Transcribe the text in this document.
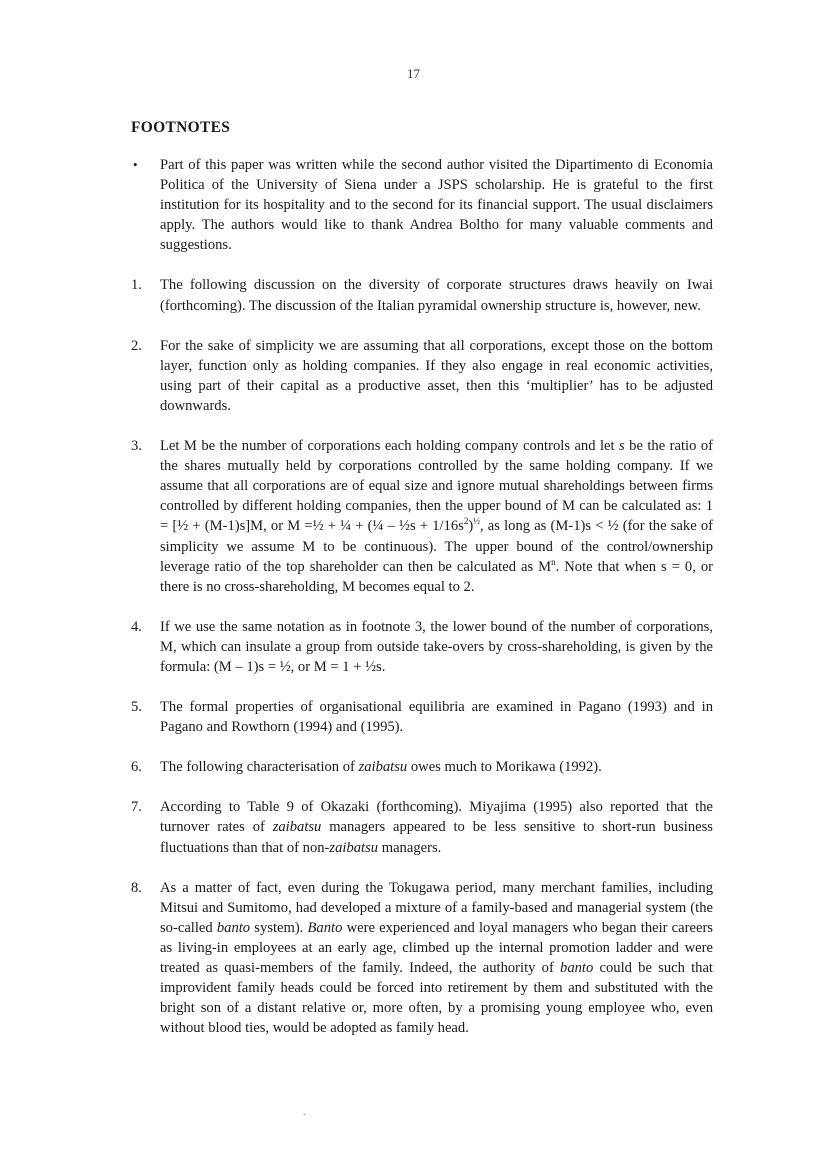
17
FOOTNOTES
• Part of this paper was written while the second author visited the Dipartimento di Economia Politica of the University of Siena under a JSPS scholarship. He is grateful to the first institution for its hospitality and to the second for its financial support. The usual disclaimers apply. The authors would like to thank Andrea Boltho for many valuable comments and suggestions.
1. The following discussion on the diversity of corporate structures draws heavily on Iwai (forthcoming). The discussion of the Italian pyramidal ownership structure is, however, new.
2. For the sake of simplicity we are assuming that all corporations, except those on the bottom layer, function only as holding companies. If they also engage in real economic activities, using part of their capital as a productive asset, then this ‘multiplier’ has to be adjusted downwards.
3. Let M be the number of corporations each holding company controls and let s be the ratio of the shares mutually held by corporations controlled by the same holding company. If we assume that all corporations are of equal size and ignore mutual shareholdings between firms controlled by different holding companies, then the upper bound of M can be calculated as: 1 = [½ + (M-1)s]M, or M =½ + ¼ + (¼ – ½s + $1/16s^2)^{\frac{1}{2}}$, as long as (M-1)s < ½ (for the sake of simplicity we assume M to be continuous). The upper bound of the control/ownership leverage ratio of the top shareholder can then be calculated as $M^n$. Note that when s = 0, or there is no cross-shareholding, M becomes equal to 2.
4. If we use the same notation as in footnote 3, the lower bound of the number of corporations, M, which can insulate a group from outside take-overs by cross-shareholding, is given by the formula: (M – 1)s = ½, or M = 1 + ½s.
5. The formal properties of organisational equilibria are examined in Pagano (1993) and in Pagano and Rowthorn (1994) and (1995).
6. The following characterisation of zaibatsu owes much to Morikawa (1992).
7. According to Table 9 of Okazaki (forthcoming). Miyajima (1995) also reported that the turnover rates of zaibatsu managers appeared to be less sensitive to short-run business fluctuations than that of non-zaibatsu managers.
8. As a matter of fact, even during the Tokugawa period, many merchant families, including Mitsui and Sumitomo, had developed a mixture of a family-based and managerial system (the so-called banto system). Banto were experienced and loyal managers who began their careers as living-in employees at an early age, climbed up the internal promotion ladder and were treated as quasi-members of the family. Indeed, the authority of banto could be such that improvident family heads could be forced into retirement by them and substituted with the bright son of a distant relative or, more often, by a promising young employee who, even without blood ties, would be adopted as family head.
.
